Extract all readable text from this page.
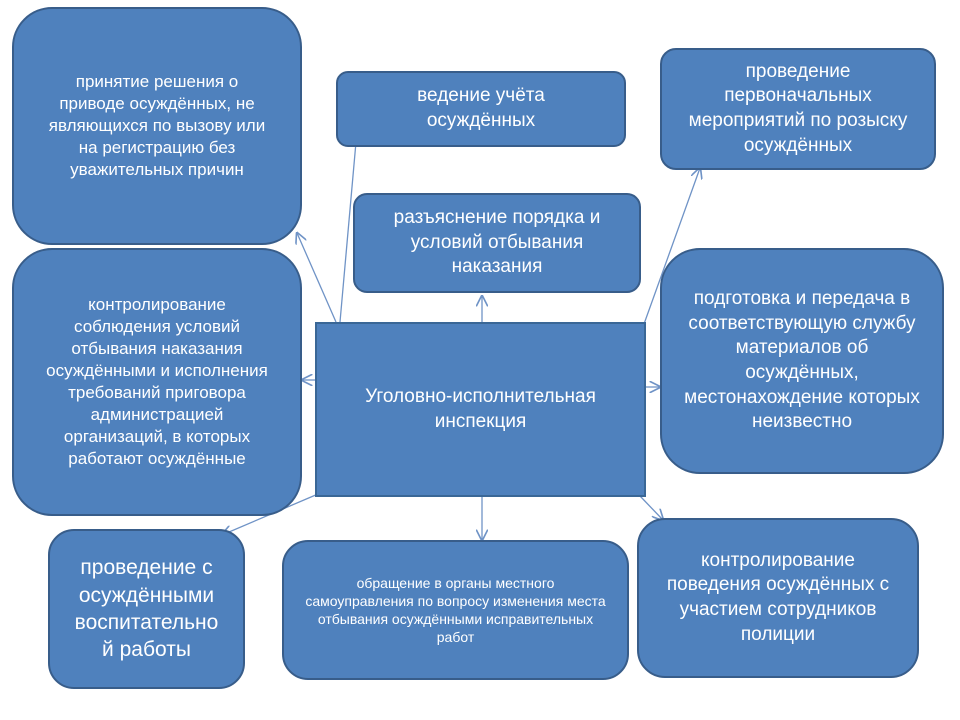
Уголовно-исполнительная инспекция
принятие решения о приводе осуждённых, не являющихся по вызову или на регистрацию без уважительных причин
ведение учёта осуждённых
проведение первоначальных мероприятий по розыску осуждённых
разъяснение порядка и условий отбывания наказания
контролирование соблюдения условий отбывания наказания осуждёнными и исполнения требований приговора администрацией организаций, в которых работают осуждённые
подготовка и передача в соответствующую службу материалов об осуждённых, местонахождение которых неизвестно
проведение с осуждёнными воспитательной работы
обращение в органы местного самоуправления по вопросу изменения места отбывания осуждёнными исправительных работ
контролирование поведения осуждённых с участием сотрудников полиции
